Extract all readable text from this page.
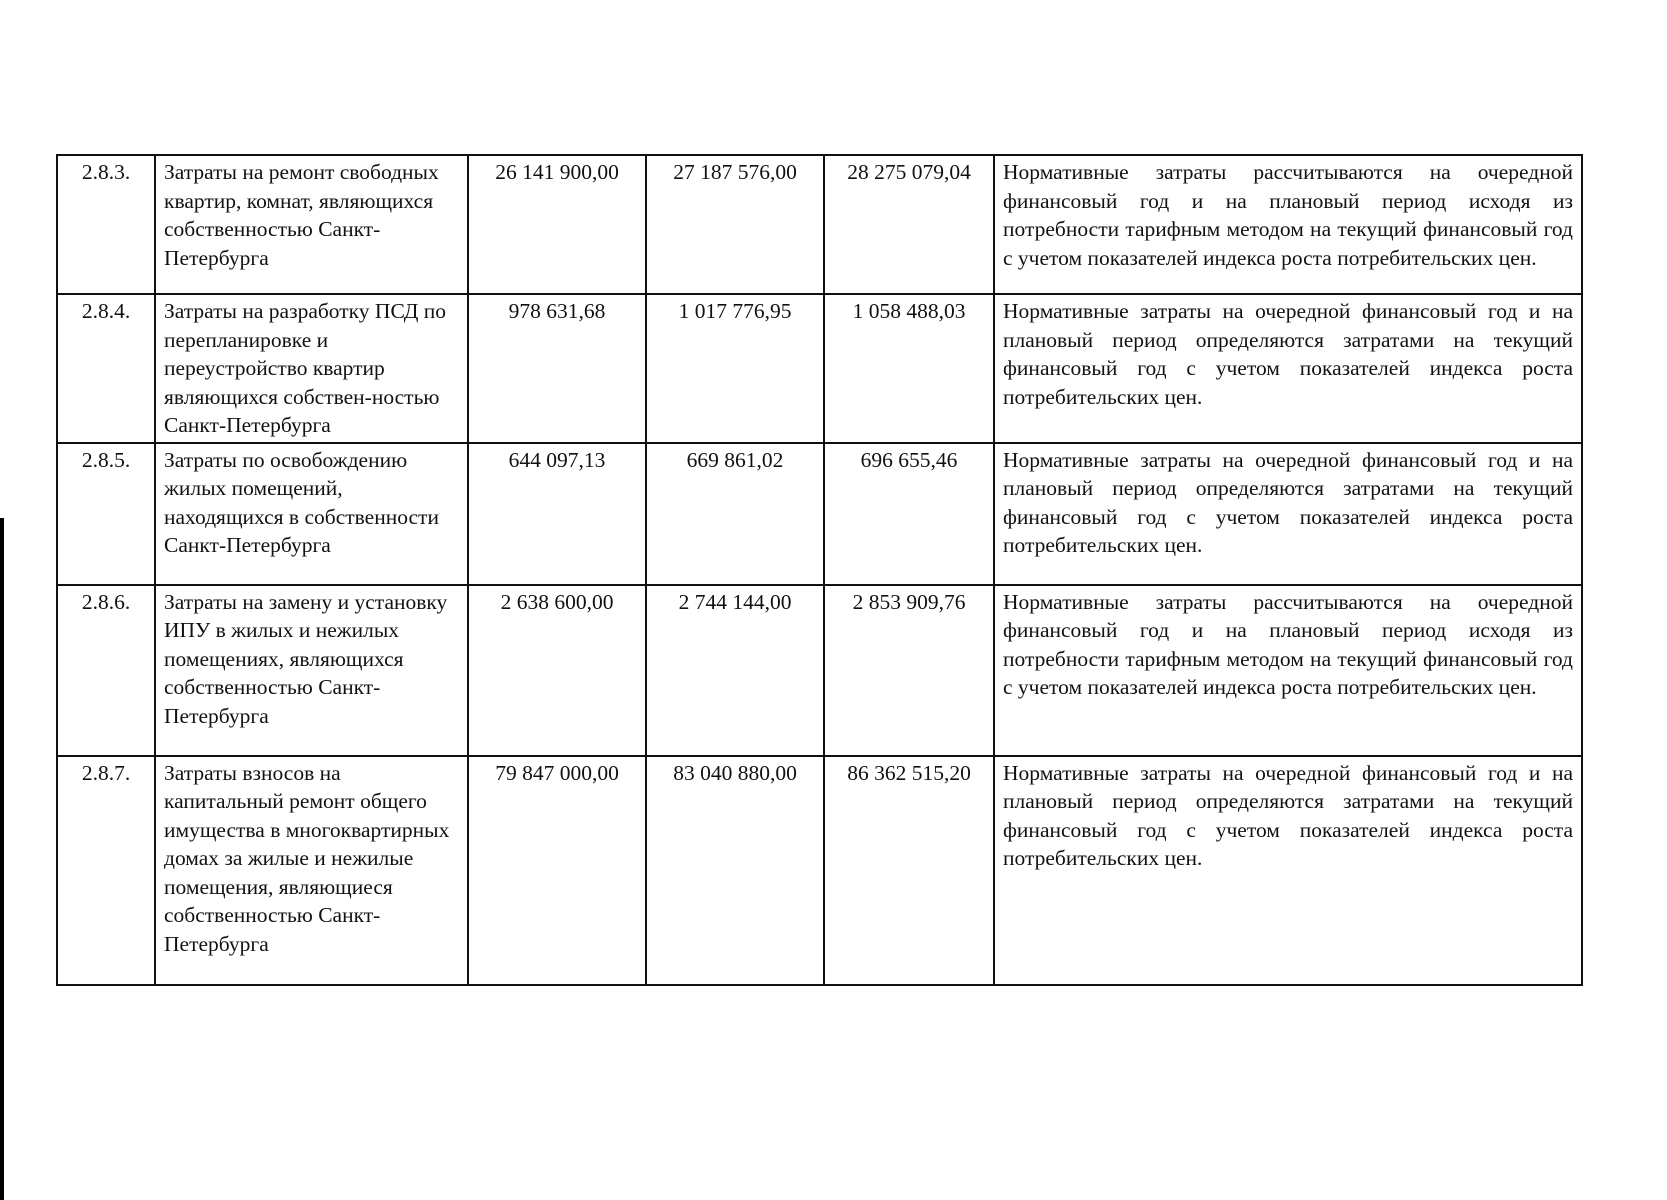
2.8.3.	Затраты на ремонт свободных квартир, комнат, являющихся собственностью Санкт-Петербурга	26 141 900,00	27 187 576,00	28 275 079,04	Нормативные затраты рассчитываются на очередной финансовый год и на плановый период исходя из потребности тарифным методом на текущий финансовый год с учетом показателей индекса роста потребительских цен.
2.8.4.	Затраты на разработку ПСД по перепланировке и переустройство квартир являющихся собствен-ностью Санкт-Петербурга	978 631,68	1 017 776,95	1 058 488,03	Нормативные затраты на очередной финансовый год и на плановый период определяются затратами на текущий финансовый год с учетом показателей индекса роста потребительских цен.
2.8.5.	Затраты по освобождению жилых помещений, находящихся в собственности Санкт-Петербурга	644 097,13	669 861,02	696 655,46	Нормативные затраты на очередной финансовый год и на плановый период определяются затратами на текущий финансовый год с учетом показателей индекса роста потребительских цен.
2.8.6.	Затраты на замену и установку ИПУ в жилых и нежилых помещениях, являющихся собственностью Санкт-Петербурга	2 638 600,00	2 744 144,00	2 853 909,76	Нормативные затраты рассчитываются на очередной финансовый год и на плановый период исходя из потребности тарифным методом на текущий финансовый год с учетом показателей индекса роста потребительских цен.
2.8.7.	Затраты взносов на капитальный ремонт общего имущества в многоквартирных домах за жилые и нежилые помещения, являющиеся собственностью Санкт-Петербурга	79 847 000,00	83 040 880,00	86 362 515,20	Нормативные затраты на очередной финансовый год и на плановый период определяются затратами на текущий финансовый год с учетом показателей индекса роста потребительских цен.
